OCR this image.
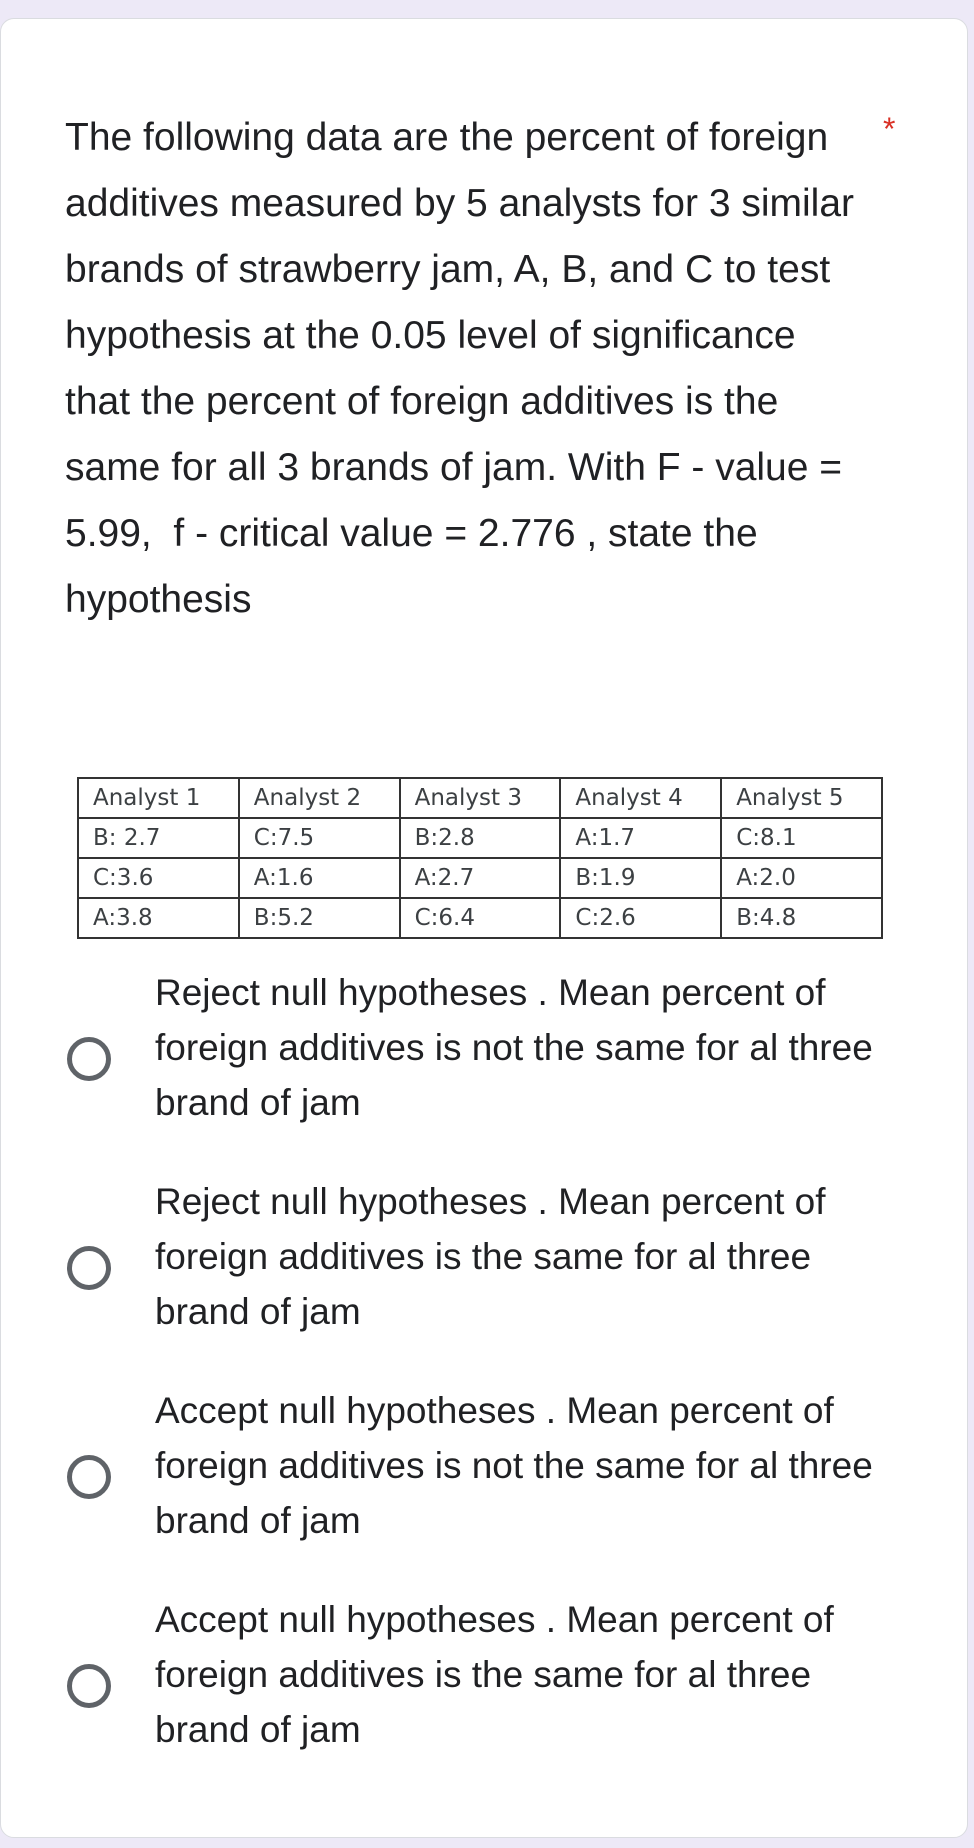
The following data are the percent of foreign additives measured by 5 analysts for 3 similar brands of strawberry jam, A, B, and C to test hypothesis at the 0.05 level of significance that the percent of foreign additives is the same for all 3 brands of jam. With F - value = 5.99,  f - critical value = 2.776 , state the hypothesis

*
Analyst 1	Analyst 2	Analyst 3	Analyst 4	Analyst 5
B: 2.7	C:7.5	B:2.8	A:1.7	C:8.1
C:3.6	A:1.6	A:2.7	B:1.9	A:2.0
A:3.8	B:5.2	C:6.4	C:2.6	B:4.8
Reject null hypotheses . Mean percent of foreign additives is not the same for al three brand of jam
Reject null hypotheses . Mean percent of foreign additives is the same for al three brand of jam
Accept null hypotheses . Mean percent of foreign additives is not the same for al three brand of jam
Accept null hypotheses . Mean percent of foreign additives is the same for al three brand of jam
